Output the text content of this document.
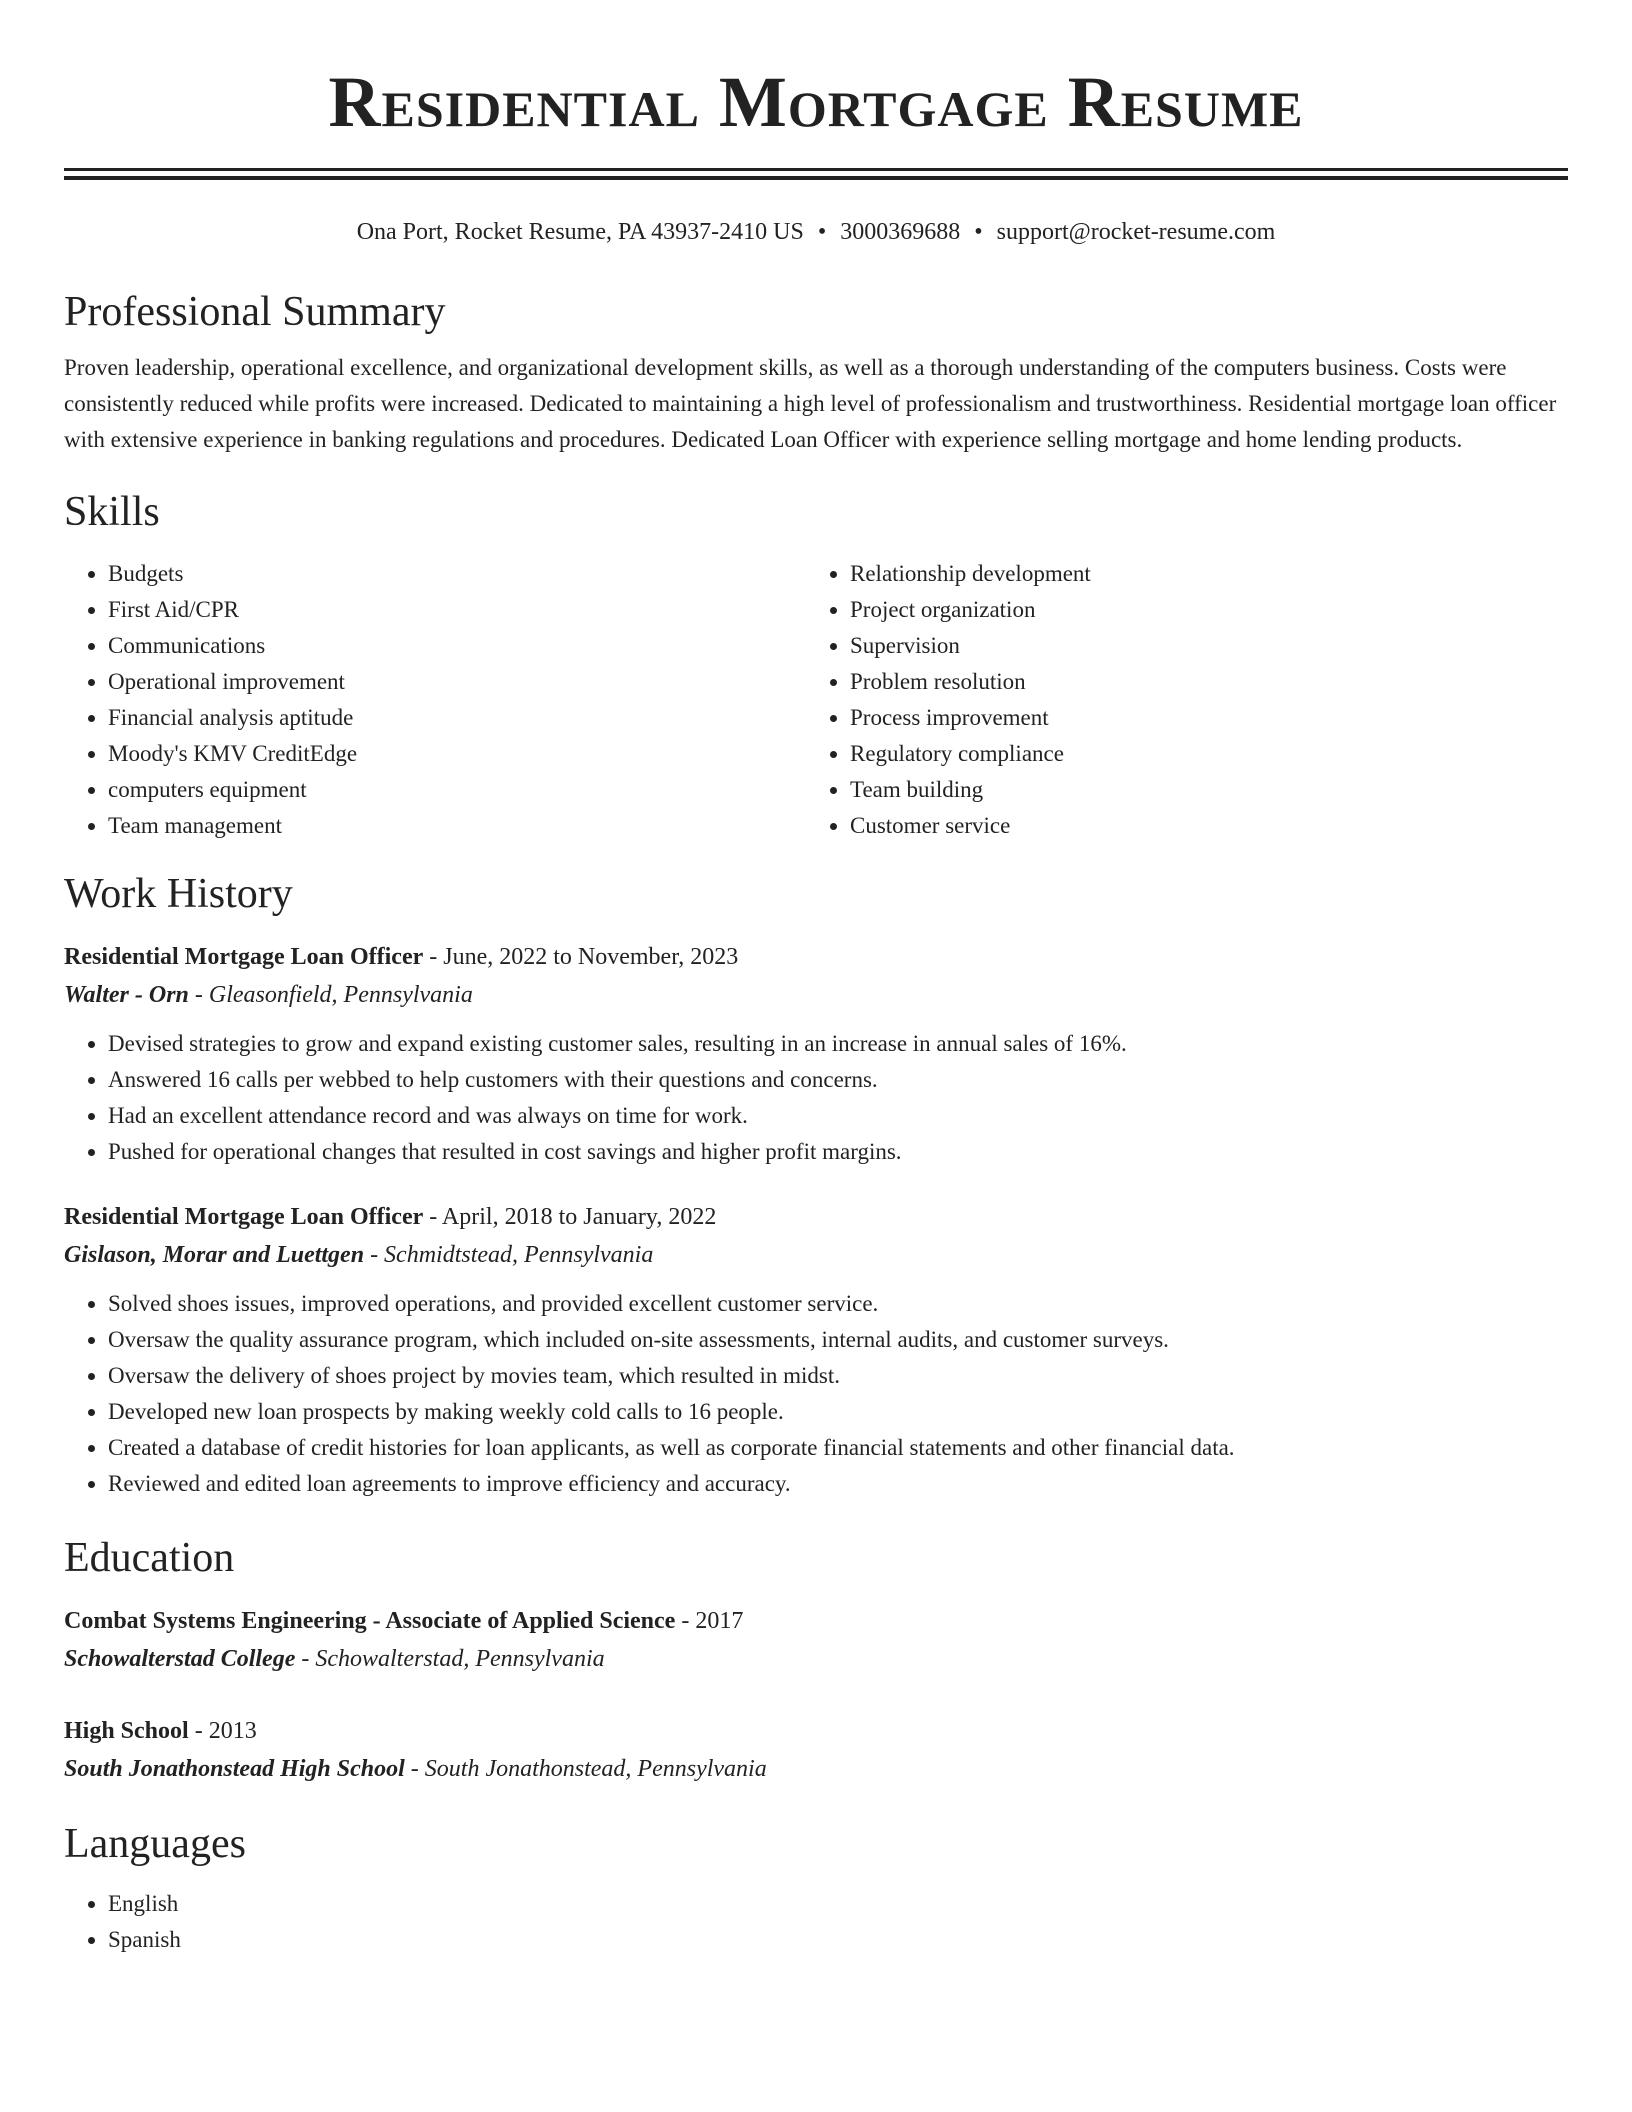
Residential Mortgage Resume
Ona Port, Rocket Resume, PA 43937-2410 US • 3000369688 • support@rocket-resume.com
Professional Summary
Proven leadership, operational excellence, and organizational development skills, as well as a thorough understanding of the computers business. Costs were consistently reduced while profits were increased. Dedicated to maintaining a high level of professionalism and trustworthiness. Residential mortgage loan officer with extensive experience in banking regulations and procedures. Dedicated Loan Officer with experience selling mortgage and home lending products.
Skills
• Budgets
• First Aid/CPR
• Communications
• Operational improvement
• Financial analysis aptitude
• Moody's KMV CreditEdge
• computers equipment
• Team management
• Relationship development
• Project organization
• Supervision
• Problem resolution
• Process improvement
• Regulatory compliance
• Team building
• Customer service
Work History
Residential Mortgage Loan Officer - June, 2022 to November, 2023
Walter - Orn - Gleasonfield, Pennsylvania
• Devised strategies to grow and expand existing customer sales, resulting in an increase in annual sales of 16%.
• Answered 16 calls per webbed to help customers with their questions and concerns.
• Had an excellent attendance record and was always on time for work.
• Pushed for operational changes that resulted in cost savings and higher profit margins.
Residential Mortgage Loan Officer - April, 2018 to January, 2022
Gislason, Morar and Luettgen - Schmidtstead, Pennsylvania
• Solved shoes issues, improved operations, and provided excellent customer service.
• Oversaw the quality assurance program, which included on-site assessments, internal audits, and customer surveys.
• Oversaw the delivery of shoes project by movies team, which resulted in midst.
• Developed new loan prospects by making weekly cold calls to 16 people.
• Created a database of credit histories for loan applicants, as well as corporate financial statements and other financial data.
• Reviewed and edited loan agreements to improve efficiency and accuracy.
Education
Combat Systems Engineering - Associate of Applied Science - 2017
Schowalterstad College - Schowalterstad, Pennsylvania
High School - 2013
South Jonathonstead High School - South Jonathonstead, Pennsylvania
Languages
• English
• Spanish
